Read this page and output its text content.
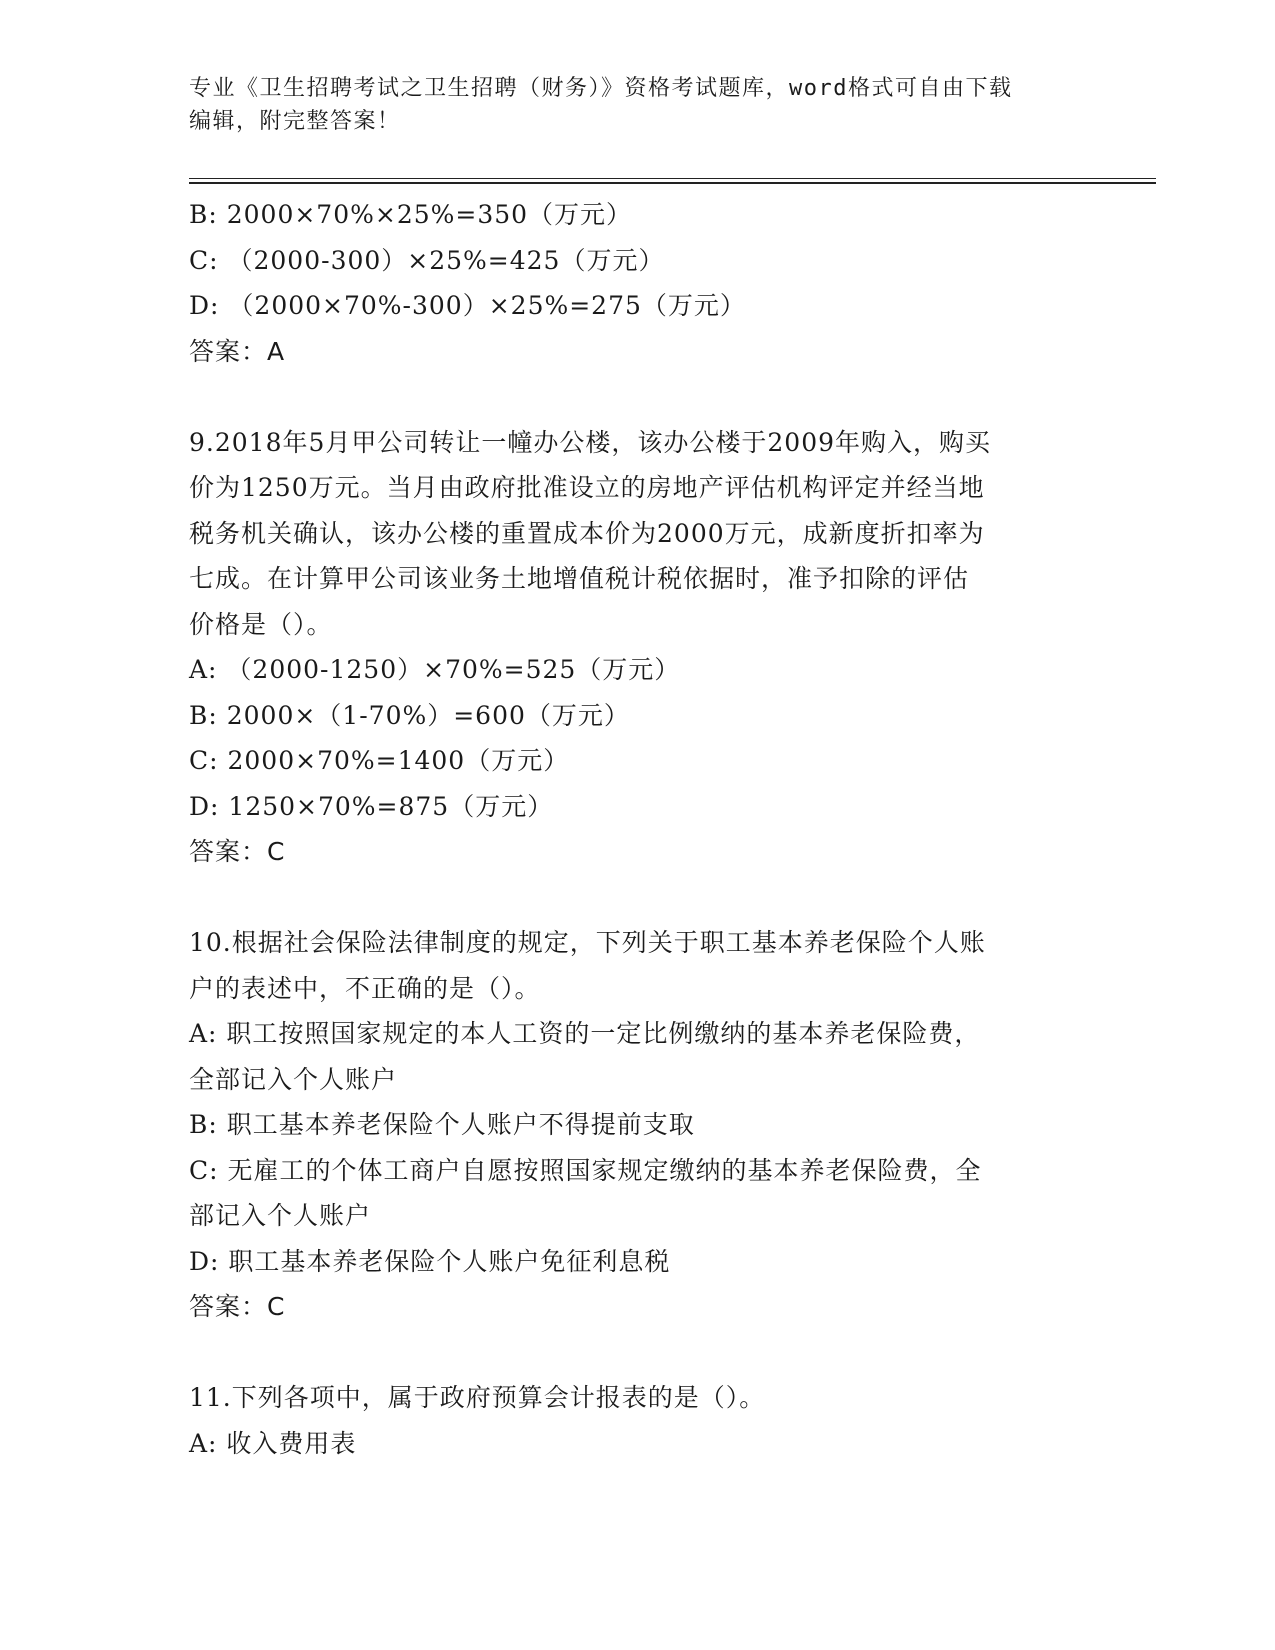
专业《卫生招聘考试之卫生招聘（财务）》资格考试题库，word格式可自由下载
编辑，附完整答案！
B: 2000×70%×25%=350（万元）
C: （2000-300）×25%=425（万元）
D: （2000×70%-300）×25%=275（万元）
答案：A
9.2018年5月甲公司转让一幢办公楼，该办公楼于2009年购入，购买
价为1250万元。当月由政府批准设立的房地产评估机构评定并经当地
税务机关确认，该办公楼的重置成本价为2000万元，成新度折扣率为
七成。在计算甲公司该业务土地增值税计税依据时，准予扣除的评估
价格是（）。
A: （2000-1250）×70%=525（万元）
B: 2000×（1-70%）=600（万元）
C: 2000×70%=1400（万元）
D: 1250×70%=875（万元）
答案：C
10.根据社会保险法律制度的规定，下列关于职工基本养老保险个人账
户的表述中，不正确的是（）。
A: 职工按照国家规定的本人工资的一定比例缴纳的基本养老保险费，
全部记入个人账户
B: 职工基本养老保险个人账户不得提前支取
C: 无雇工的个体工商户自愿按照国家规定缴纳的基本养老保险费，全
部记入个人账户
D: 职工基本养老保险个人账户免征利息税
答案：C
11.下列各项中，属于政府预算会计报表的是（）。
A: 收入费用表
